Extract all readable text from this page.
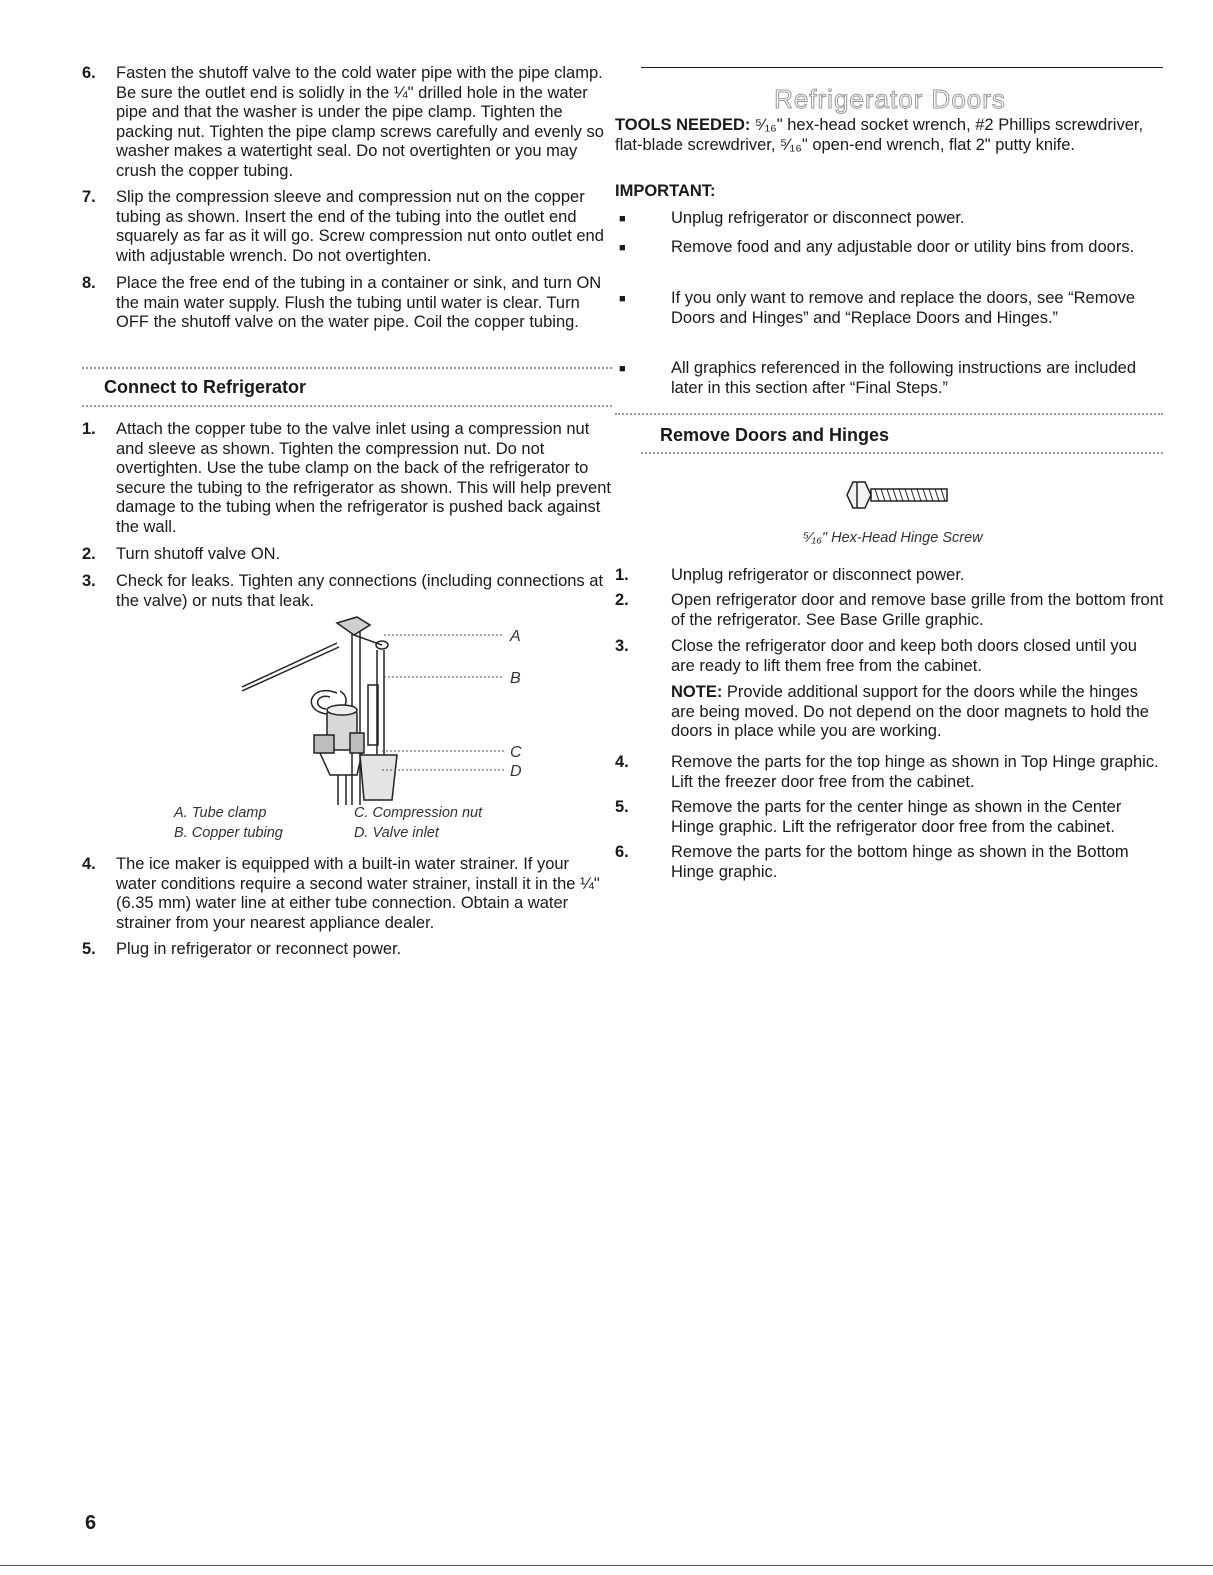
6. Fasten the shutoff valve to the cold water pipe with the pipe clamp. Be sure the outlet end is solidly in the ¼" drilled hole in the water pipe and that the washer is under the pipe clamp. Tighten the packing nut. Tighten the pipe clamp screws carefully and evenly so washer makes a watertight seal. Do not overtighten or you may crush the copper tubing.
7. Slip the compression sleeve and compression nut on the copper tubing as shown. Insert the end of the tubing into the outlet end squarely as far as it will go. Screw compression nut onto outlet end with adjustable wrench. Do not overtighten.
8. Place the free end of the tubing in a container or sink, and turn ON the main water supply. Flush the tubing until water is clear. Turn OFF the shutoff valve on the water pipe. Coil the copper tubing.
Connect to Refrigerator
1. Attach the copper tube to the valve inlet using a compression nut and sleeve as shown. Tighten the compression nut. Do not overtighten. Use the tube clamp on the back of the refrigerator to secure the tubing to the refrigerator as shown. This will help prevent damage to the tubing when the refrigerator is pushed back against the wall.
2. Turn shutoff valve ON.
3. Check for leaks. Tighten any connections (including connections at the valve) or nuts that leak.
A
B
C
D
A. Tube clamp
B. Copper tubing
C. Compression nut
D. Valve inlet
4. The ice maker is equipped with a built-in water strainer. If your water conditions require a second water strainer, install it in the ¼" (6.35 mm) water line at either tube connection. Obtain a water strainer from your nearest appliance dealer.
5. Plug in refrigerator or reconnect power.
Refrigerator Doors
TOOLS NEEDED: ⁵⁄₁₆" hex-head socket wrench, #2 Phillips screwdriver, flat-blade screwdriver, ⁵⁄₁₆" open-end wrench, flat 2" putty knife.
IMPORTANT:
■	Unplug refrigerator or disconnect power.
■	Remove food and any adjustable door or utility bins from doors.
■	If you only want to remove and replace the doors, see “Remove Doors and Hinges” and “Replace Doors and Hinges.”
■	All graphics referenced in the following instructions are included later in this section after “Final Steps.”
Remove Doors and Hinges
⁵⁄₁₆" Hex-Head Hinge Screw
1.	Unplug refrigerator or disconnect power.
2.	Open refrigerator door and remove base grille from the bottom front of the refrigerator. See Base Grille graphic.
3.	Close the refrigerator door and keep both doors closed until you are ready to lift them free from the cabinet.
NOTE: Provide additional support for the doors while the hinges are being moved. Do not depend on the door magnets to hold the doors in place while you are working.
4.	Remove the parts for the top hinge as shown in Top Hinge graphic. Lift the freezer door free from the cabinet.
5.	Remove the parts for the center hinge as shown in the Center Hinge graphic. Lift the refrigerator door free from the cabinet.
6.	Remove the parts for the bottom hinge as shown in the Bottom Hinge graphic.
6
